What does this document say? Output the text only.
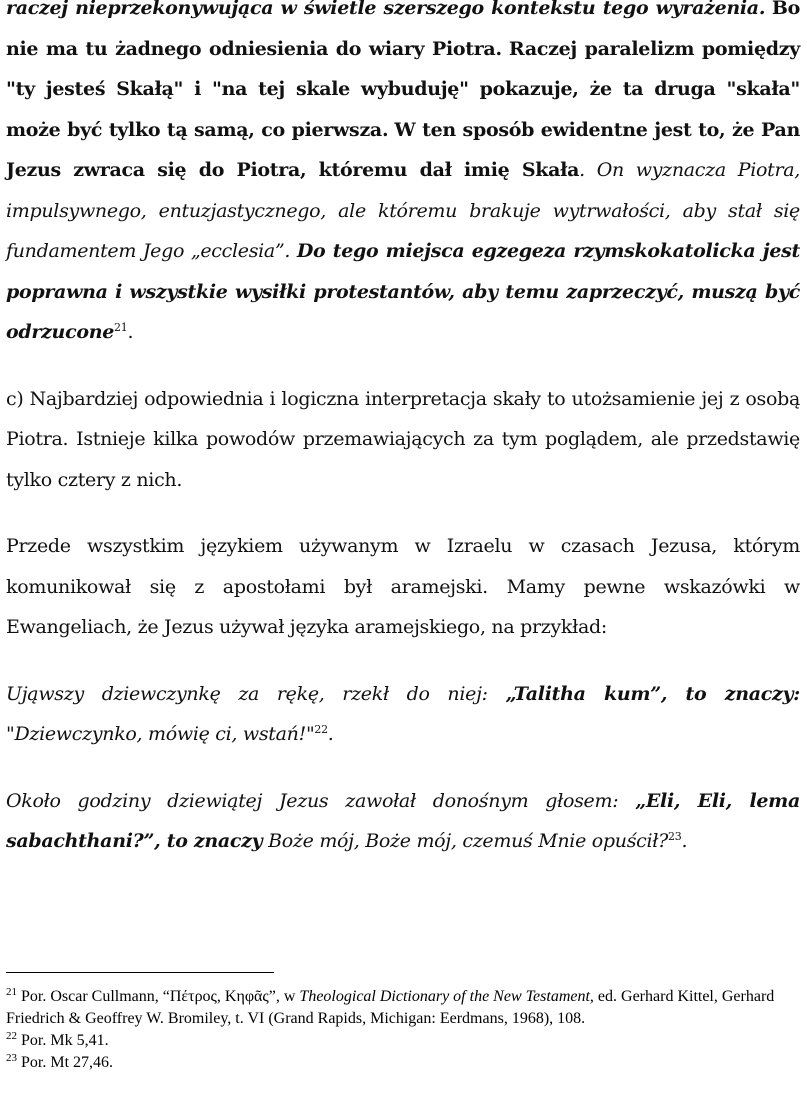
raczej nieprzekonywująca w świetle szerszego kontekstu tego wyrażenia. Bo nie ma tu żadnego odniesienia do wiary Piotra. Raczej paralelizm pomiędzy "ty jesteś Skałą" i "na tej skale wybuduję" pokazuje, że ta druga "skała" może być tylko tą samą, co pierwsza. W ten sposób ewidentne jest to, że Pan Jezus zwraca się do Piotra, któremu dał imię Skała. On wyznacza Piotra, impulsywnego, entuzjastycznego, ale któremu brakuje wytrwałości, aby stał się fundamentem Jego „ecclesia”. Do tego miejsca egzegeza rzymskokatolicka jest poprawna i wszystkie wysiłki protestantów, aby temu zaprzeczyć, muszą być odrzucone$^{21}$.

c) Najbardziej odpowiednia i logiczna interpretacja skały to utożsamienie jej z osobą Piotra. Istnieje kilka powodów przemawiających za tym poglądem, ale przedstawię tylko cztery z nich.

Przede wszystkim językiem używanym w Izraelu w czasach Jezusa, którym komunikował się z apostołami był aramejski. Mamy pewne wskazówki w Ewangeliach, że Jezus używał języka aramejskiego, na przykład:

Ująwszy dziewczynkę za rękę, rzekł do niej: „Talitha kum”, to znaczy: "Dziewczynko, mówię ci, wstań!"$^{22}$.

Około godziny dziewiątej Jezus zawołał donośnym głosem: „Eli, Eli, lema sabachthani?”, to znaczy Boże mój, Boże mój, czemuś Mnie opuścił?$^{23}$.

$^{21}$ Por. Oscar Cullmann, “Πέτρος, Κηφᾶς”, w Theological Dictionary of the New Testament, ed. Gerhard Kittel, Gerhard Friedrich & Geoffrey W. Bromiley, t. VI (Grand Rapids, Michigan: Eerdmans, 1968), 108.

$^{22}$ Por. Mk 5,41.

$^{23}$ Por. Mt 27,46.
